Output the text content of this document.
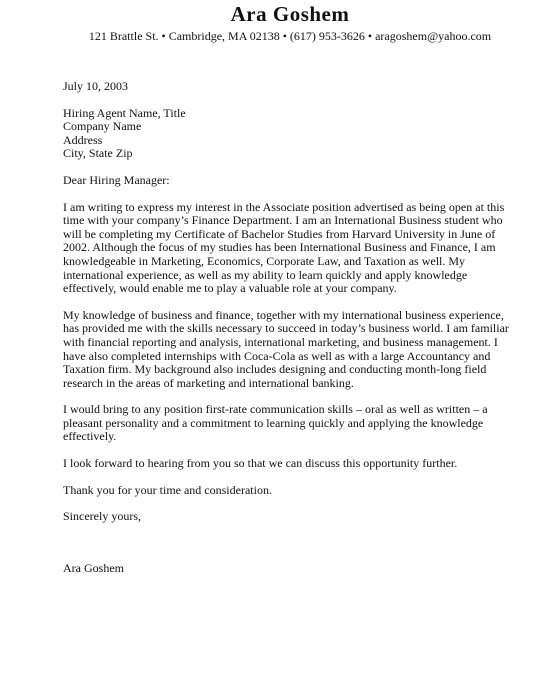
Ara Goshem
121 Brattle St. • Cambridge, MA 02138 • (617) 953-3626 • aragoshem@yahoo.com
July 10, 2003
Hiring Agent Name, Title
Company Name
Address
City, State Zip
Dear Hiring Manager:
I am writing to express my interest in the Associate position advertised as being open at this
time with your company’s Finance Department. I am an International Business student who
will be completing my Certificate of Bachelor Studies from Harvard University in June of
2002. Although the focus of my studies has been International Business and Finance, I am
knowledgeable in Marketing, Economics, Corporate Law, and Taxation as well. My
international experience, as well as my ability to learn quickly and apply knowledge
effectively, would enable me to play a valuable role at your company.
My knowledge of business and finance, together with my international business experience,
has provided me with the skills necessary to succeed in today’s business world. I am familiar
with financial reporting and analysis, international marketing, and business management. I
have also completed internships with Coca-Cola as well as with a large Accountancy and
Taxation firm. My background also includes designing and conducting month-long field
research in the areas of marketing and international banking.
I would bring to any position first-rate communication skills – oral as well as written – a
pleasant personality and a commitment to learning quickly and applying the knowledge
effectively.
I look forward to hearing from you so that we can discuss this opportunity further.
Thank you for your time and consideration.
Sincerely yours,
Ara Goshem
